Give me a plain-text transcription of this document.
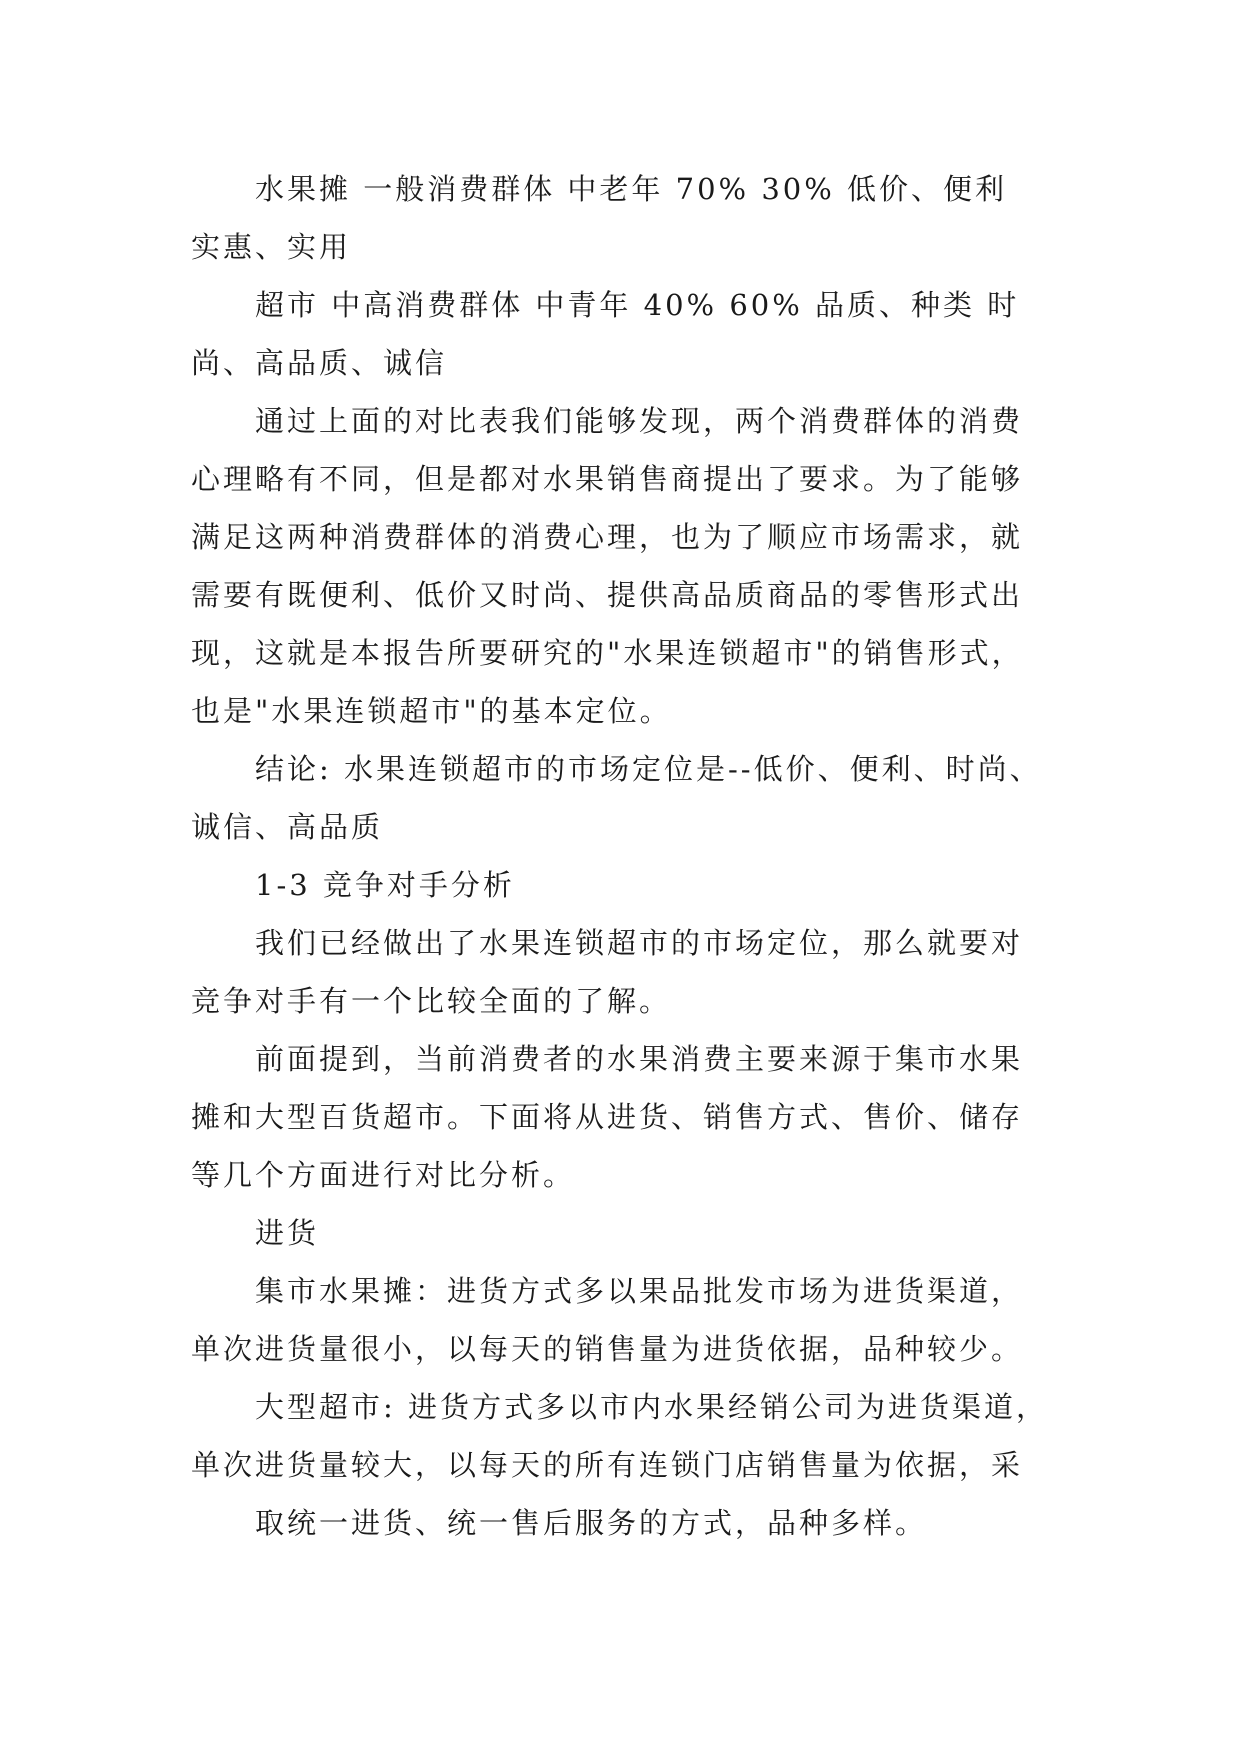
水果摊 一般消费群体 中老年 70% 30% 低价、便利 实惠、实用

超市 中高消费群体 中青年 40% 60% 品质、种类 时尚、高品质、诚信

通过上面的对比表我们能够发现，两个消费群体的消费心理略有不同，但是都对水果销售商提出了要求。为了能够满足这两种消费群体的消费心理，也为了顺应市场需求，就需要有既便利、低价又时尚、提供高品质商品的零售形式出现，这就是本报告所要研究的"水果连锁超市"的销售形式，也是"水果连锁超市"的基本定位。

结论: 水果连锁超市的市场定位是--低价、便利、时尚、诚信、高品质

1-3 竞争对手分析

我们已经做出了水果连锁超市的市场定位，那么就要对竞争对手有一个比较全面的了解。

前面提到，当前消费者的水果消费主要来源于集市水果摊和大型百货超市。下面将从进货、销售方式、售价、储存等几个方面进行对比分析。

进货

集市水果摊：进货方式多以果品批发市场为进货渠道，单次进货量很小，以每天的销售量为进货依据，品种较少。

大型超市: 进货方式多以市内水果经销公司为进货渠道，单次进货量较大，以每天的所有连锁门店销售量为依据，采

取统一进货、统一售后服务的方式，品种多样。
